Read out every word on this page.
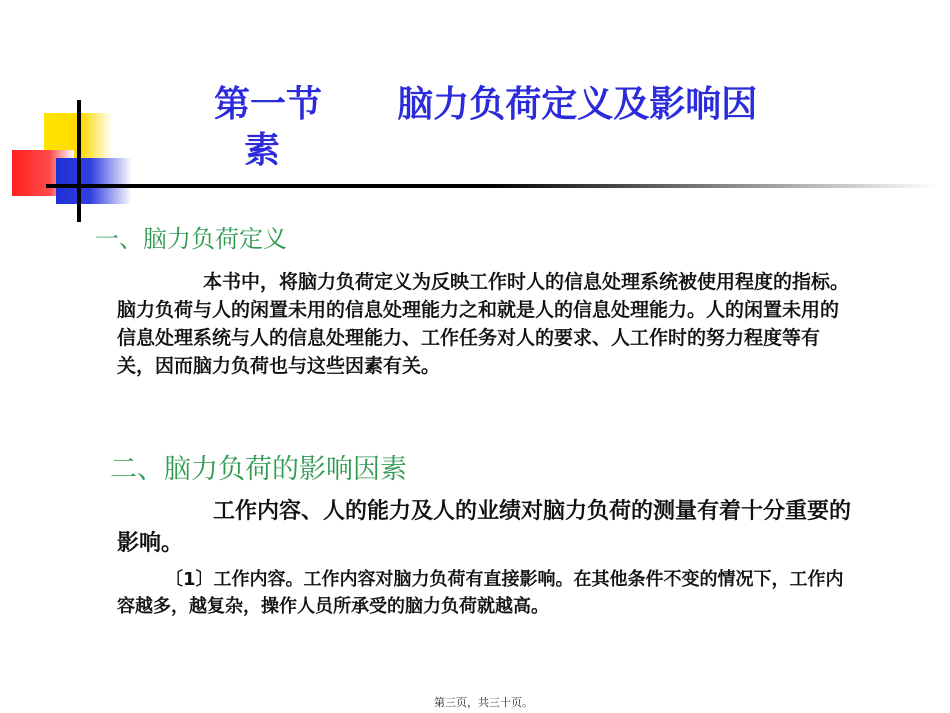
第一节      脑力负荷定义及影响因
素
一、脑力负荷定义
本书中，将脑力负荷定义为反映工作时人的信息处理系统被使用程度的指标。脑力负荷与人的闲置未用的信息处理能力之和就是人的信息处理能力。人的闲置未用的信息处理系统与人的信息处理能力、工作任务对人的要求、人工作时的努力程度等有关，因而脑力负荷也与这些因素有关。
二、脑力负荷的影响因素
工作内容、人的能力及人的业绩对脑力负荷的测量有着十分重要的影响。
〔1〕工作内容。工作内容对脑力负荷有直接影响。在其他条件不变的情况下，工作内容越多，越复杂，操作人员所承受的脑力负荷就越高。
第三页，共三十页。
